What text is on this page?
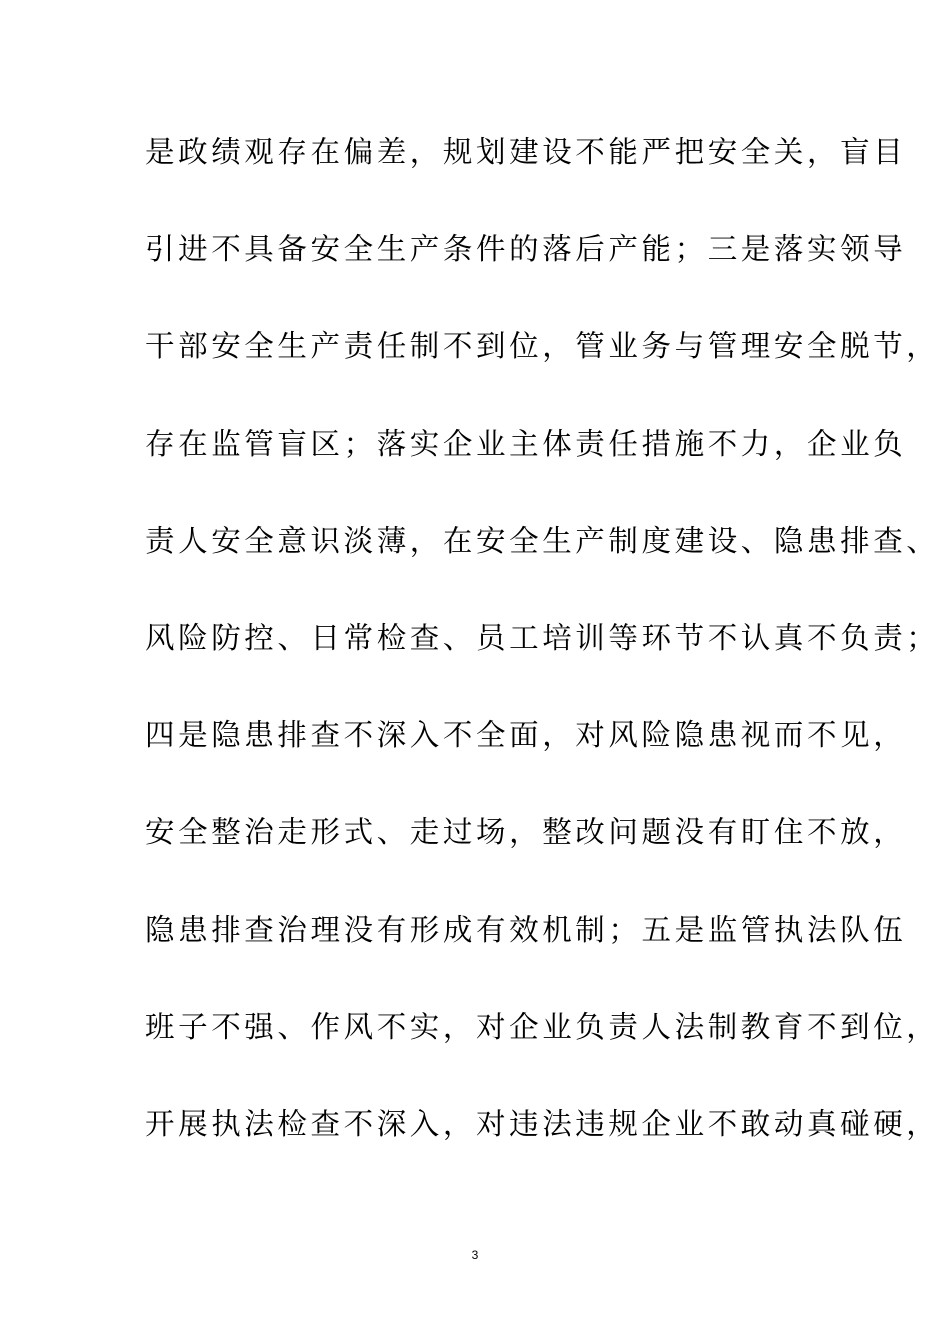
是政绩观存在偏差，规划建设不能严把安全关，盲目
引进不具备安全生产条件的落后产能；三是落实领导
干部安全生产责任制不到位，管业务与管理安全脱节，
存在监管盲区；落实企业主体责任措施不力，企业负
责人安全意识淡薄，在安全生产制度建设、隐患排查、
风险防控、日常检查、员工培训等环节不认真不负责；
四是隐患排查不深入不全面，对风险隐患视而不见，
安全整治走形式、走过场，整改问题没有盯住不放，
隐患排查治理没有形成有效机制；五是监管执法队伍
班子不强、作风不实，对企业负责人法制教育不到位，
开展执法检查不深入，对违法违规企业不敢动真碰硬，
3
